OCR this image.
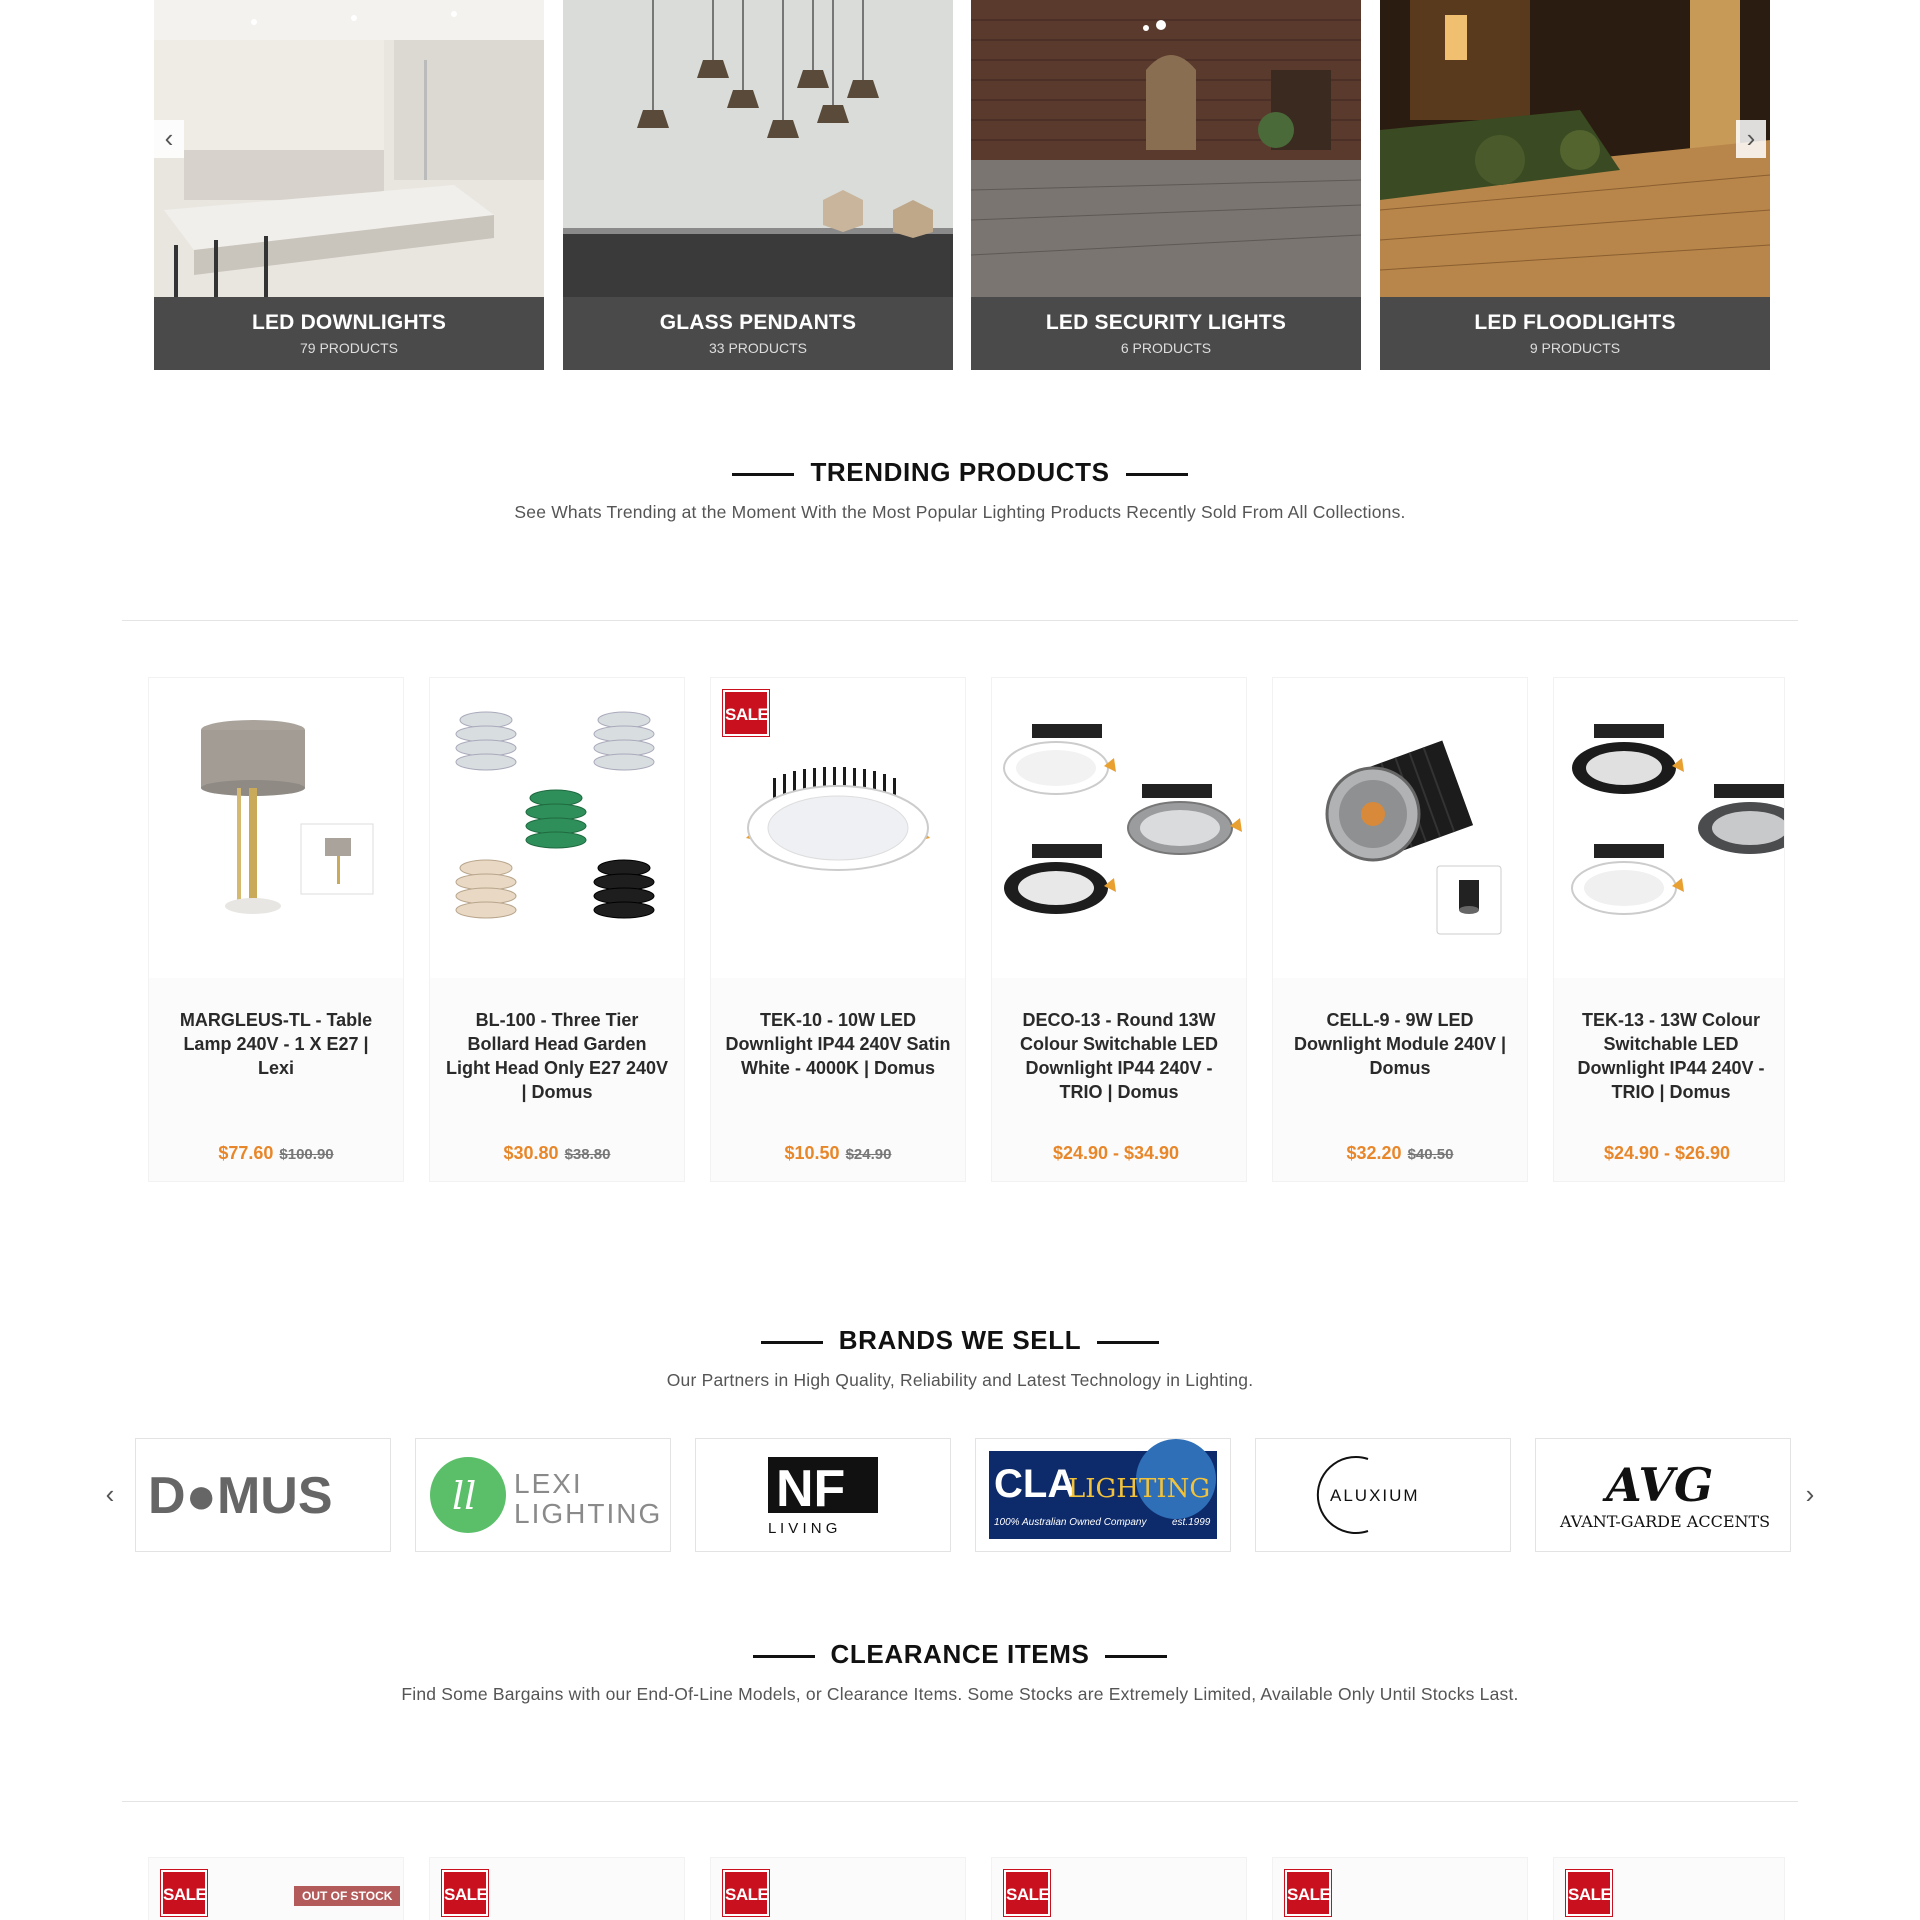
LED DOWNLIGHTS
79 PRODUCTS
GLASS PENDANTS
33 PRODUCTS
LED SECURITY LIGHTS
6 PRODUCTS
LED FLOODLIGHTS
9 PRODUCTS
‹	›
TRENDING PRODUCTS
See Whats Trending at the Moment With the Most Popular Lighting Products Recently Sold From All Collections.
MARGLEUS-TL - Table Lamp 240V - 1 X E27 | Lexi
$77.60 $100.90
BL-100 - Three Tier Bollard Head Garden Light Head Only E27 240V | Domus
$30.80 $38.80
SALE
TEK-10 - 10W LED Downlight IP44 240V Satin White - 4000K | Domus
$10.50 $24.90
DECO-13 - Round 13W Colour Switchable LED Downlight IP44 240V - TRIO | Domus
$24.90 - $34.90
CELL-9 - 9W LED Downlight Module 240V | Domus
$32.20 $40.50
TEK-13 - 13W Colour Switchable LED Downlight IP44 240V - TRIO | Domus
$24.90 - $26.90
BRANDS WE SELL
Our Partners in High Quality, Reliability and Latest Technology in Lighting.
‹	›
D●MUS	ll LEXI
LIGHTING NF
L I V I N G
CLA
LIGHTING
100% Australian Owned Company	est.1999
ALUXIUM	AVG
AVANT-GARDE ACCENTS
CLEARANCE ITEMS
Find Some Bargains with our End-Of-Line Models, or Clearance Items. Some Stocks are Extremely Limited, Available Only Until Stocks Last.
SALE	OUT OF STOCK	SALE	SALE	SALE	SALE	SALE
